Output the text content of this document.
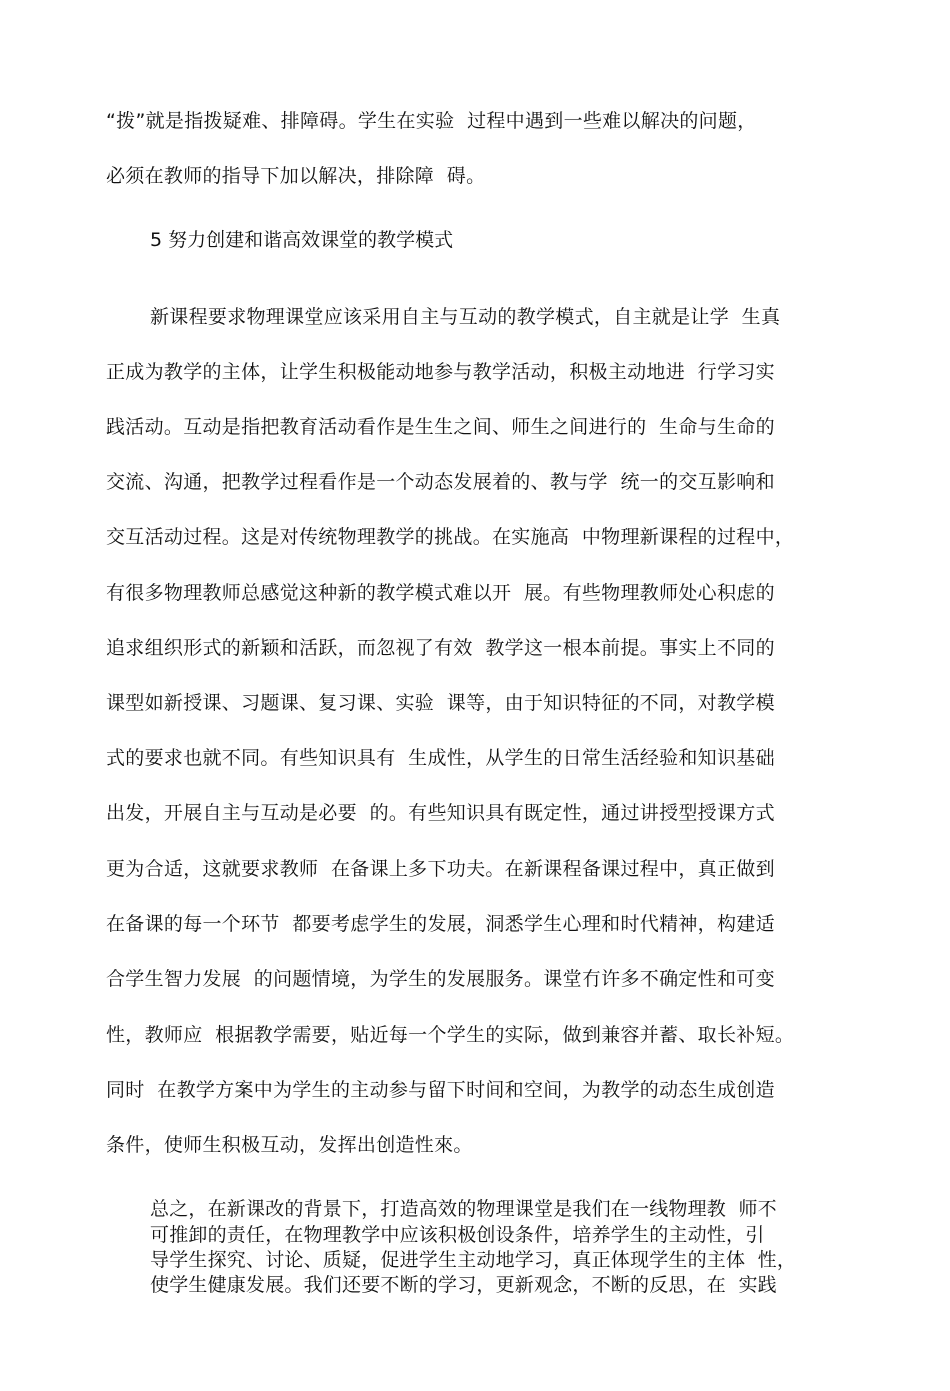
“拨”就是指拨疑难、排障碍。学生在实验  过程中遇到一些难以解决的问题，
必须在教师的指导下加以解决，排除障  碍。
5 努力创建和谐高效课堂的教学模式
新课程要求物理课堂应该采用自主与互动的教学模式，自主就是让学  生真
正成为教学的主体，让学生积极能动地参与教学活动，积极主动地进  行学习实
践活动。互动是指把教育活动看作是生生之间、师生之间进行的  生命与生命的
交流、沟通，把教学过程看作是一个动态发展着的、教与学  统一的交互影响和
交互活动过程。这是对传统物理教学的挑战。在实施高  中物理新课程的过程中，
有很多物理教师总感觉这种新的教学模式难以开  展。有些物理教师处心积虑的
追求组织形式的新颖和活跃，而忽视了有效  教学这一根本前提。事实上不同的
课型如新授课、习题课、复习课、实验  课等，由于知识特征的不同，对教学模
式的要求也就不同。有些知识具有  生成性，从学生的日常生活经验和知识基础
出发，开展自主与互动是必要  的。有些知识具有既定性，通过讲授型授课方式
更为合适，这就要求教师  在备课上多下功夫。在新课程备课过程中，真正做到
在备课的每一个环节  都要考虑学生的发展，洞悉学生心理和时代精神，构建适
合学生智力发展  的问题情境，为学生的发展服务。课堂冇许多不确定性和可变
性，教师应  根据教学需要，贴近每一个学生的实际，做到兼容并蓄、取长补短。
同时  在教学方案中为学生的主动参与留下时间和空间，为教学的动态生成创造
条件，使师生积极互动，发挥出创造性來。
总之，在新课改的背景下，打造高效的物理课堂是我们在一线物理教  师不
可推卸的责任，在物理教学中应该积极创设条件，培养学生的主动性，引
导学生探究、讨论、质疑，促进学生主动地学习，真正体现学生的主体  性，
使学生健康发展。我们还要不断的学习，更新观念，不断的反思，在  实践
